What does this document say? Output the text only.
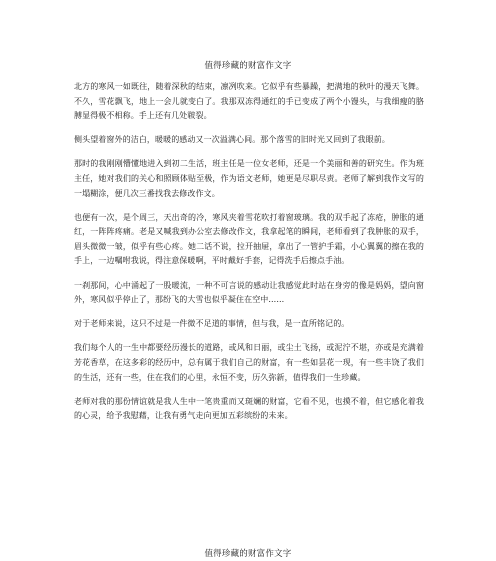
值得珍藏的财富作文字

北方的寒风一如既往，随着深秋的结束，凛冽吹来。它似乎有些暴躁，把满地的秋叶的漫天飞舞。不久，雪花飘飞，地上一会儿就变白了。我那双冻得通红的手已变成了两个小馒头，与我细瘦的胳膊显得极不相称。手上还有几处皲裂。

侧头望着窗外的洁白，暖暖的感动又一次溢满心间。那个落雪的旧时光又回到了我眼前。

那时的我刚刚懵懂地进入到初二生活，班主任是一位女老师，还是一个美丽和善的研究生。作为班主任，她对我们的关心和照顾体贴至极，作为语文老师，她更是尽职尽责。老师了解到我作文写的一塌糊涂，便几次三番找我去修改作文。

也便有一次，是个周三，天出奇的冷，寒风夹着雪花吹打着窗玻璃。我的双手起了冻疮，肿胀的通红，一阵阵疼痛。老是又喊我到办公室去修改作文，我拿起笔的瞬间，老师看到了我肿胀的双手，眉头微微一皱，似乎有些心疼。她二话不说，拉开抽屉，拿出了一管护手霜，小心翼翼的擦在我的手上，一边嘱咐我说，得注意保暖啊，平时戴好手套，记得洗手后擦点手油。

一刹那间，心中涌起了一股暖流，一种不可言说的感动让我感觉此时站在身旁的像是妈妈，望向窗外，寒风似乎停止了，那纷飞的大雪也似乎凝住在空中......

对于老师来说，这只不过是一件微不足道的事情，但与我，是一直所铭记的。

我们每个人的一生中都要经历漫长的道路，或风和日丽，或尘土飞扬，或泥泞不堪，亦或是充满着芳花香草，在这多彩的经历中，总有属于我们自己的财富，有一些如昙花一现，有一些丰饶了我们的生活，还有一些，住在我们的心里，永恒不变，历久弥新，值得我们一生珍藏。

老师对我的那份情谊就是我人生中一笔贵重而又斑斓的财富，它看不见，也摸不着，但它感化着我的心灵，给予我慰藉，让我有勇气走向更加五彩缤纷的未来。

值得珍藏的财富作文字
